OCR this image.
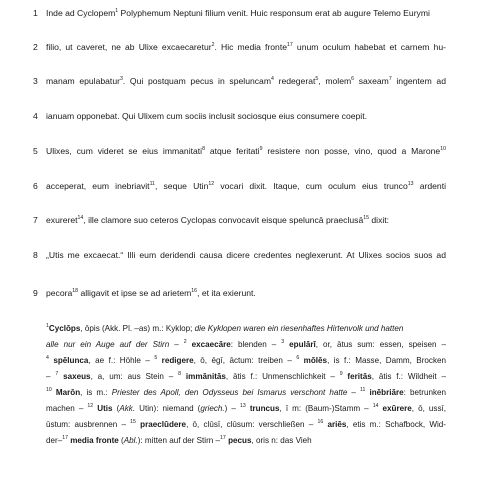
1 Inde ad Cyclopem$^1$ Polyphemum Neptuni filium venit. Huic responsum erat ab augure Telemo Eurymi
2 filio, ut caveret, ne ab Ulixe excaecaretur$^2$. Hic media fronte$^{17}$ unum oculum habebat et carnem hu-
3 manam epulabatur$^3$. Qui postquam pecus in speluncam$^4$ redegerat$^5$, molem$^6$ saxeam$^7$ ingentem ad
4 ianuam opponebat. Qui Ulixem cum sociis inclusit sociosque eius consumere coepit.
5 Ulixes, cum videret se eius immanitati$^8$ atque feritati$^9$ resistere non posse, vino, quod a Marone$^{10}$
6 acceperat, eum inebriavit$^{11}$, seque Utin$^{12}$ vocari dixit. Itaque, cum oculum eius trunco$^{13}$ ardenti
7 exureret$^{14}$, ille clamore suo ceteros Cyclopas convocavit eisque speluncā praeclusā$^{15}$ dixit:
8 „Utis me excaecat.“ Illi eum deridendi causa dicere credentes neglexerunt. At Ulixes socios suos ad
9 pecora$^{18}$ alligavit et ipse se ad arietem$^{16}$, et ita exierunt.
$^1$Cyclōps, ōpis (Akk. Pl. –as) m.: Kyklop; die Kyklopen waren ein riesenhaftes Hirtenvolk und hatten
alle nur ein Auge auf der Stirn – $^2$ excaecāre: blenden – $^3$ epulārī, or, ātus sum: essen, speisen –
$^4$ spēlunca, ae f.: Höhle – $^5$ redigere, ō, ēgī, āctum: treiben – $^6$ mōlēs, is f.: Masse, Damm, Brocken
– $^7$ saxeus, a, um: aus Stein – $^8$ immānitās, ātis f.: Unmenschlichkeit – $^9$ feritās, ātis f.: Wildheit –
$^{10}$ Marōn, is m.: Priester des Apoll, den Odysseus bei Ismarus verschont hatte – $^{11}$ inēbriāre: betrunken
machen – $^{12}$ Utis (Akk. Utin): niemand (griech.) – $^{13}$ truncus, ī m: (Baum-)Stamm – $^{14}$ exūrere, ō, ussī,
ūstum: ausbrennen – $^{15}$ praeclūdere, ō, clūsī, clūsum: verschließen – $^{16}$ ariēs, etis m.: Schafbock, Wid-
der–$^{17}$ media fronte (Abl.): mitten auf der Stirn –$^{17}$ pecus, oris n: das Vieh
